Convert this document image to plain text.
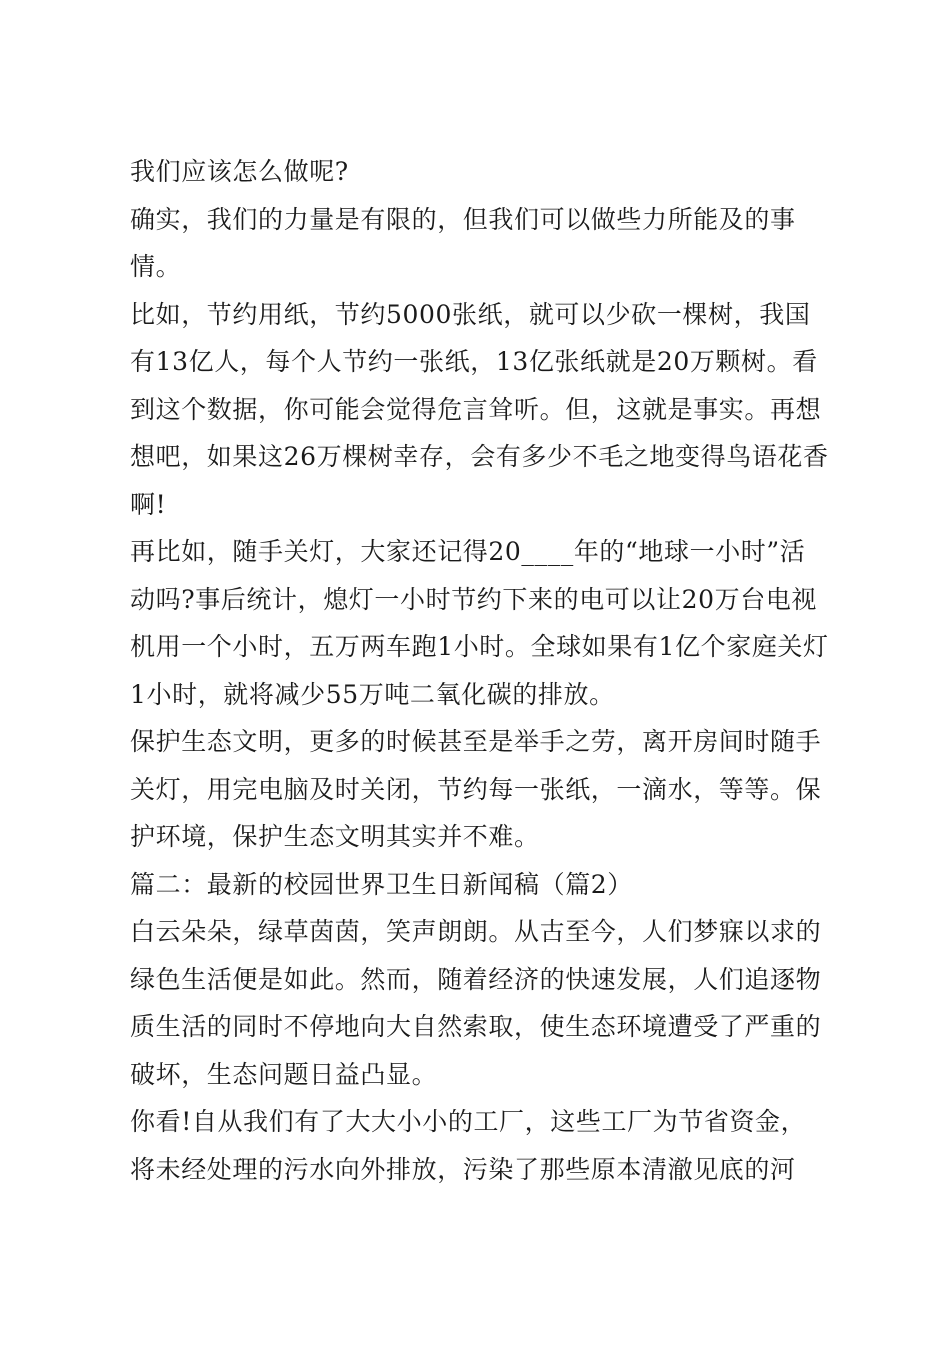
我们应该怎么做呢?

确实，我们的力量是有限的，但我们可以做些力所能及的事情。

比如，节约用纸，节约5000张纸，就可以少砍一棵树，我国有13亿人，每个人节约一张纸，13亿张纸就是20万颗树。看到这个数据，你可能会觉得危言耸听。但，这就是事实。再想想吧，如果这26万棵树幸存，会有多少不毛之地变得鸟语花香啊!

再比如，随手关灯，大家还记得20____年的“地球一小时”活动吗?事后统计，熄灯一小时节约下来的电可以让20万台电视机用一个小时，五万两车跑1小时。全球如果有1亿个家庭关灯1小时，就将减少55万吨二氧化碳的排放。

保护生态文明，更多的时候甚至是举手之劳，离开房间时随手关灯，用完电脑及时关闭，节约每一张纸，一滴水，等等。保护环境，保护生态文明其实并不难。

篇二：最新的校园世界卫生日新闻稿（篇2）

白云朵朵，绿草茵茵，笑声朗朗。从古至今，人们梦寐以求的绿色生活便是如此。然而，随着经济的快速发展，人们追逐物质生活的同时不停地向大自然索取，使生态环境遭受了严重的破坏，生态问题日益凸显。

你看!自从我们有了大大小小的工厂，这些工厂为节省资金，将未经处理的污水向外排放，污染了那些原本清澈见底的河
